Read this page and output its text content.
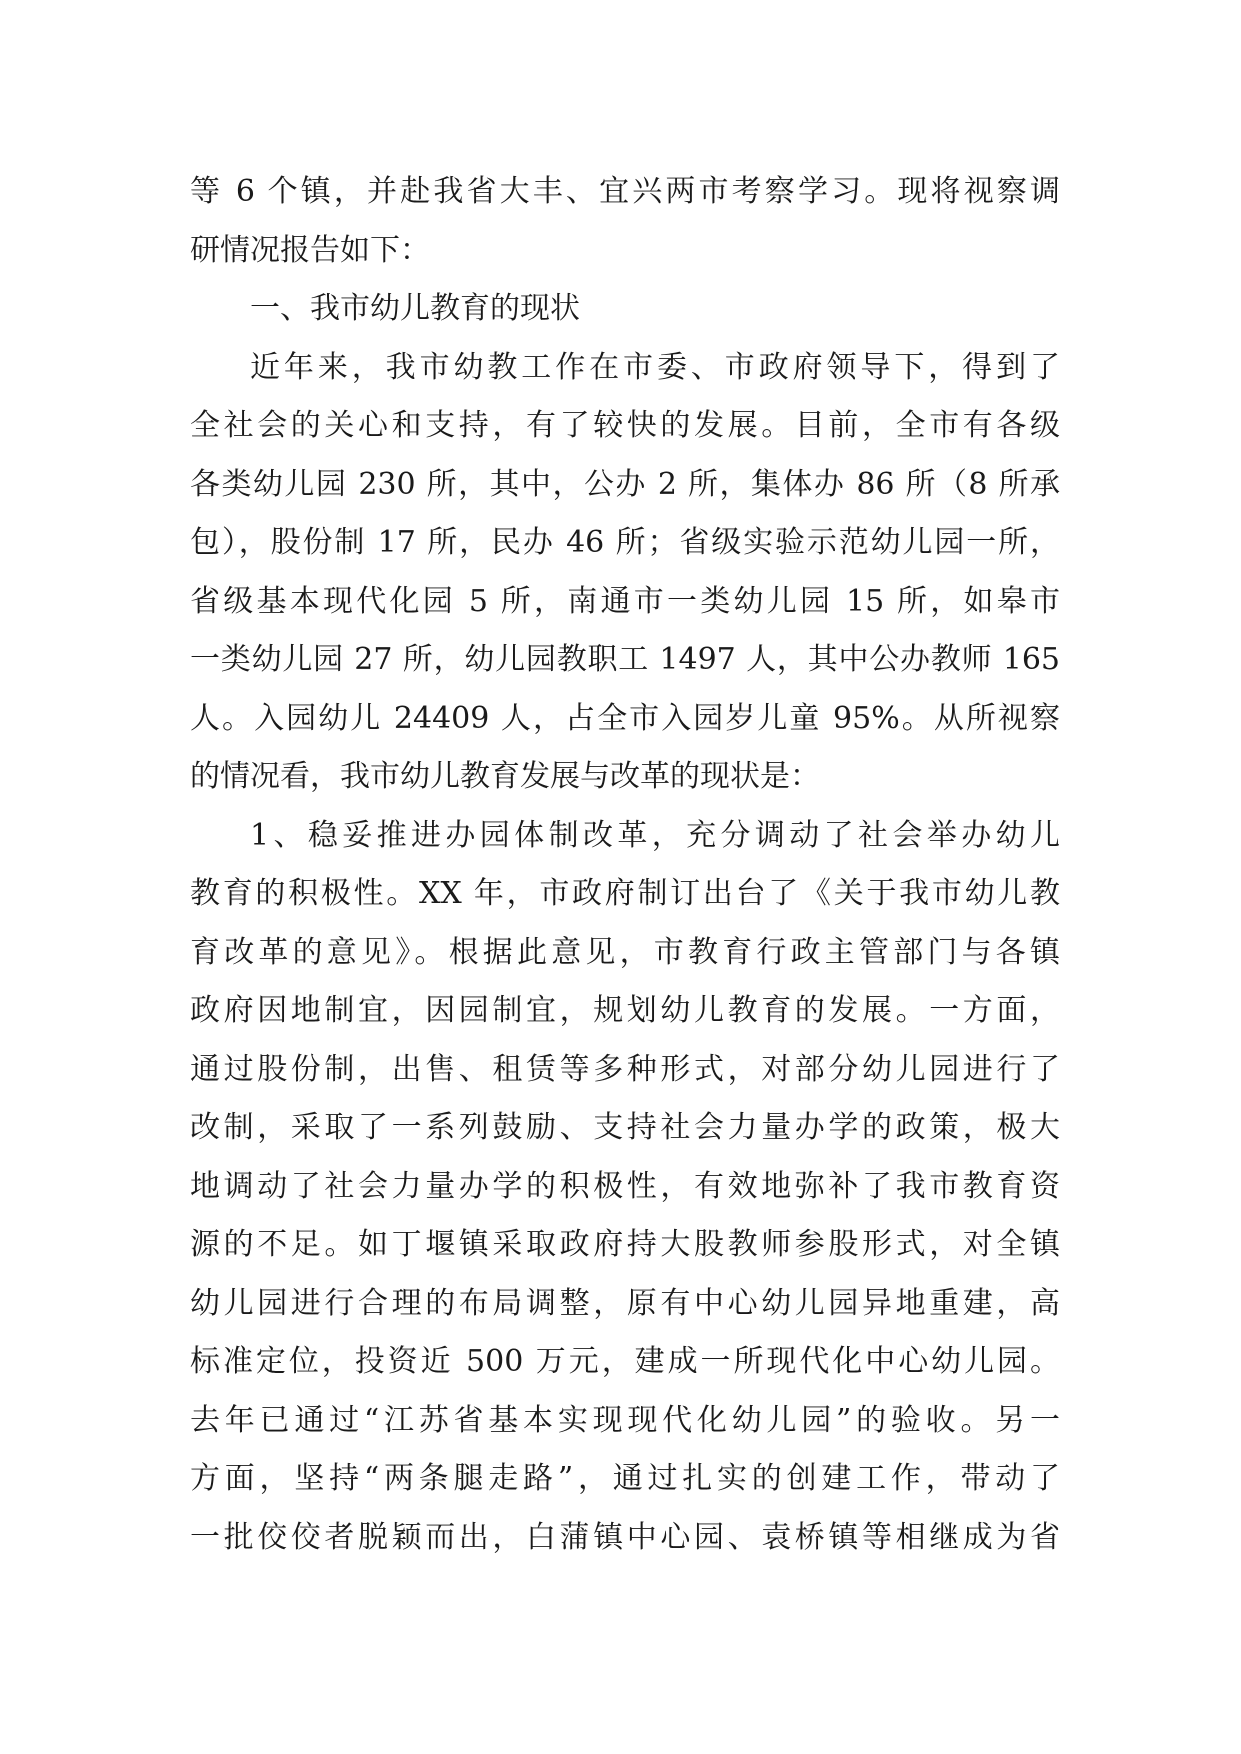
等 6 个镇，并赴我省大丰、宜兴两市考察学习。现将视察调
研情况报告如下：
一、我市幼儿教育的现状
近年来，我市幼教工作在市委、市政府领导下，得到了
全社会的关心和支持，有了较快的发展。目前，全市有各级
各类幼儿园 230 所，其中，公办 2 所，集体办 86 所（8 所承
包），股份制 17 所，民办 46 所；省级实验示范幼儿园一所，
省级基本现代化园 5 所，南通市一类幼儿园 15 所，如皋市
一类幼儿园 27 所，幼儿园教职工 1497 人，其中公办教师 165
人。入园幼儿 24409 人，占全市入园岁儿童 95%。从所视察
的情况看，我市幼儿教育发展与改革的现状是：
1、稳妥推进办园体制改革，充分调动了社会举办幼儿
教育的积极性。XX 年，市政府制订出台了《关于我市幼儿教
育改革的意见》。根据此意见，市教育行政主管部门与各镇
政府因地制宜，因园制宜，规划幼儿教育的发展。一方面，
通过股份制，出售、租赁等多种形式，对部分幼儿园进行了
改制，采取了一系列鼓励、支持社会力量办学的政策，极大
地调动了社会力量办学的积极性，有效地弥补了我市教育资
源的不足。如丁堰镇采取政府持大股教师参股形式，对全镇
幼儿园进行合理的布局调整，原有中心幼儿园异地重建，高
标准定位，投资近 500 万元，建成一所现代化中心幼儿园。
去年已通过“江苏省基本实现现代化幼儿园”的验收。另一
方面，坚持“两条腿走路”，通过扎实的创建工作，带动了
一批佼佼者脱颖而出，白蒲镇中心园、袁桥镇等相继成为省
